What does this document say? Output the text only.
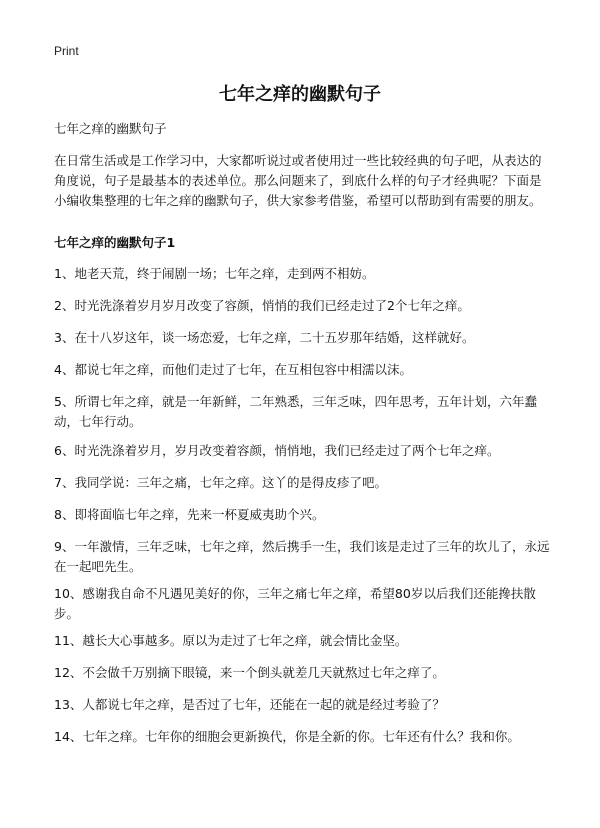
Print
七年之痒的幽默句子
七年之痒的幽默句子
在日常生活或是工作学习中，大家都听说过或者使用过一些比较经典的句子吧，从表达的角度说，句子是最基本的表述单位。那么问题来了，到底什么样的句子才经典呢？下面是小编收集整理的七年之痒的幽默句子，供大家参考借鉴，希望可以帮助到有需要的朋友。
七年之痒的幽默句子1
1、地老天荒，终于闹剧一场；七年之痒，走到两不相妨。
2、时光洗涤着岁月岁月改变了容颜，悄悄的我们已经走过了2个七年之痒。
3、在十八岁这年，谈一场恋爱，七年之痒，二十五岁那年结婚，这样就好。
4、都说七年之痒，而他们走过了七年，在互相包容中相濡以沫。
5、所谓七年之痒，就是一年新鲜，二年熟悉，三年乏味，四年思考，五年计划，六年蠢动，七年行动。
6、时光洗涤着岁月，岁月改变着容颜，悄悄地，我们已经走过了两个七年之痒。
7、我同学说：三年之痛，七年之痒。这丫的是得皮疹了吧。
8、即将面临七年之痒，先来一杯夏威夷助个兴。
9、一年激情，三年乏味，七年之痒，然后携手一生，我们该是走过了三年的坎儿了，永远在一起吧先生。
10、感谢我自命不凡遇见美好的你，三年之痛七年之痒，希望80岁以后我们还能搀扶散步。
11、越长大心事越多。原以为走过了七年之痒，就会情比金坚。
12、不会做千万别摘下眼镜，来一个倒头就差几天就熬过七年之痒了。
13、人都说七年之痒，是否过了七年，还能在一起的就是经过考验了？
14、七年之痒。七年你的细胞会更新换代，你是全新的你。七年还有什么？我和你。
